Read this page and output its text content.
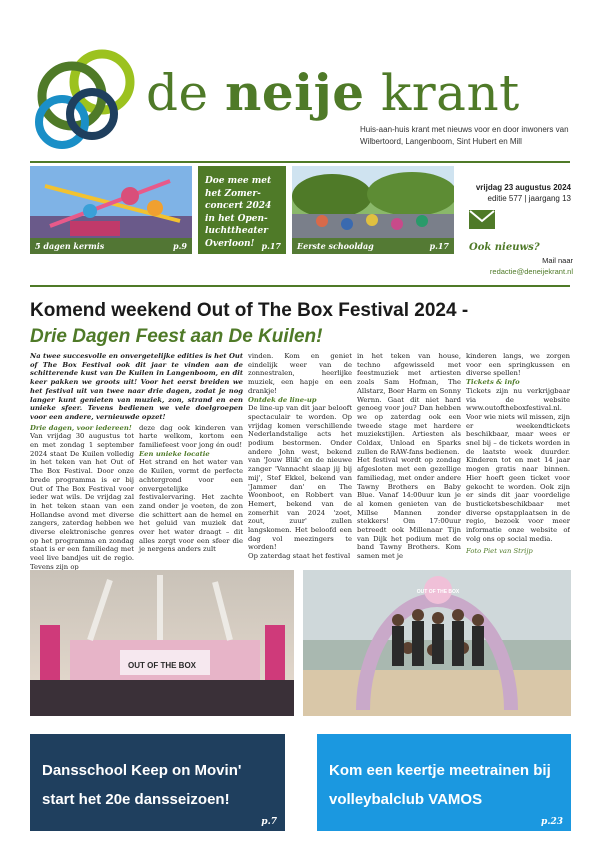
de neije krant
Huis-aan-huis krant met nieuws voor en door inwoners van Wilbertoord, Langenboom, Sint Hubert en Mill
5 dagen kermis	p.9
Doe mee met het Zomer-concert 2024 in het Open-luchttheater Overloon! p.17 Eerste schooldag	p.17
vrijdag 23 augustus 2024
editie 577 | jaargang 13
Ook nieuws?
Mail naar
redactie@deneijekrant.nl
Komend weekend Out of The Box Festival 2024 -
Drie Dagen Feest aan De Kuilen!

Na twee succesvolle en onvergetelijke edities is het Out of The Box Festival ook dit jaar te vinden aan de schitterende kust van De Kuilen in Langenboom, en dit keer pakken we groots uit! Voor het eerst breiden we het festival uit van twee naar drie dagen, zodat je nog langer kunt genieten van muziek, zon, strand en een unieke sfeer. Tevens bedienen we vele doelgroepen voor een andere, vernieuwde opzet!

Drie dagen, voor iedereen!

Van vrijdag 30 augustus tot en met zondag 1 september 2024 staat De Kuilen volledig in het teken van het Out of The Box Festival. Door onze brede programma is er bij Out of The Box Festival voor ieder wat wils. De vrijdag zal in het teken staan van een Hollandse avond met diverse zangers, zaterdag hebben we diverse elektronische genres op het programma en zondag staat is er een familiedag met veel live bandjes uit de regio. Tevens zijn op

deze dag ook kinderen van harte welkom, kortom een familiefeest voor jong én oud!

Een unieke locatie

Het strand en het water van de Kuilen, vormt de perfecte achtergrond voor een onvergetelijke festivalervaring. Het zachte zand onder je voeten, de zon die schittert aan de hemel en het geluid van muziek dat over het water draagt – dit alles zorgt voor een sfeer die je nergens anders zult

vinden. Kom en geniet eindelijk weer van de zonnestralen, heerlijke muziek, een hapje en een drankje!

Ontdek de line-up

De line-up van dit jaar belooft spectaculair te worden. Op vrijdag komen verschillende Nederlandstalige acts het podium bestormen. Onder andere John west, bekend van 'Jouw Blik' en de nieuwe zanger 'Vannacht slaap jij bij mij', Stef Ekkel, bekend van 'Jammer dan' en The Woonboot, en Robbert van Hemert, bekend van de zomerhit van 2024 'zoet, zout, zuur' zullen langskomen. Het beloofd een dag vol meezingers te worden!

Op zaterdag staat het festival

in het teken van house, techno afgewisseld met feestmuziek met artiesten zoals Sam Hofman, The Allstarz, Boer Harm en Sonny Wernn. Gaat dit niet hard genoeg voor jou? Dan hebben we op zaterdag ook een tweede stage met hardere muziekstijlen. Artiesten als Coldax, Unload en Sparks zullen de RAW-fans bedienen.

Het festival wordt op zondag afgesloten met een gezellige familiedag, met onder andere Tawny Brothers en Baby Blue. Vanaf 14:00uur kun je al komen genieten van de Millse Mannen zonder stekkers! Om 17:00uur betreedt ook Millenaar Tijn van Dijk het podium met de band Tawny Brothers. Kom samen met je

kinderen langs, we zorgen voor een springkussen en diverse spellen!

Tickets & info

Tickets zijn nu verkrijgbaar via de website www.outoftheboxfestival.nl. Voor wie niets wil missen, zijn er weekendtickets beschikbaar, maar wees er snel bij – de tickets worden in de laatste week duurder. Kinderen tot en met 14 jaar mogen gratis naar binnen. Hier hoeft geen ticket voor gekocht te worden. Ook zijn er sinds dit jaar voordelige busticketsbeschikbaar met diverse opstapplaatsen in de regio, bezoek voor meer informatie onze website of volg ons op social media.

Foto Piet van Strijp

OUT OF THE BOX
OUT OF THE BOX
Dansschool Keep on Movin' start het 20e dansseizoen!
p.7
Kom een keertje meetrainen bij volleybalclub VAMOS
p.23
